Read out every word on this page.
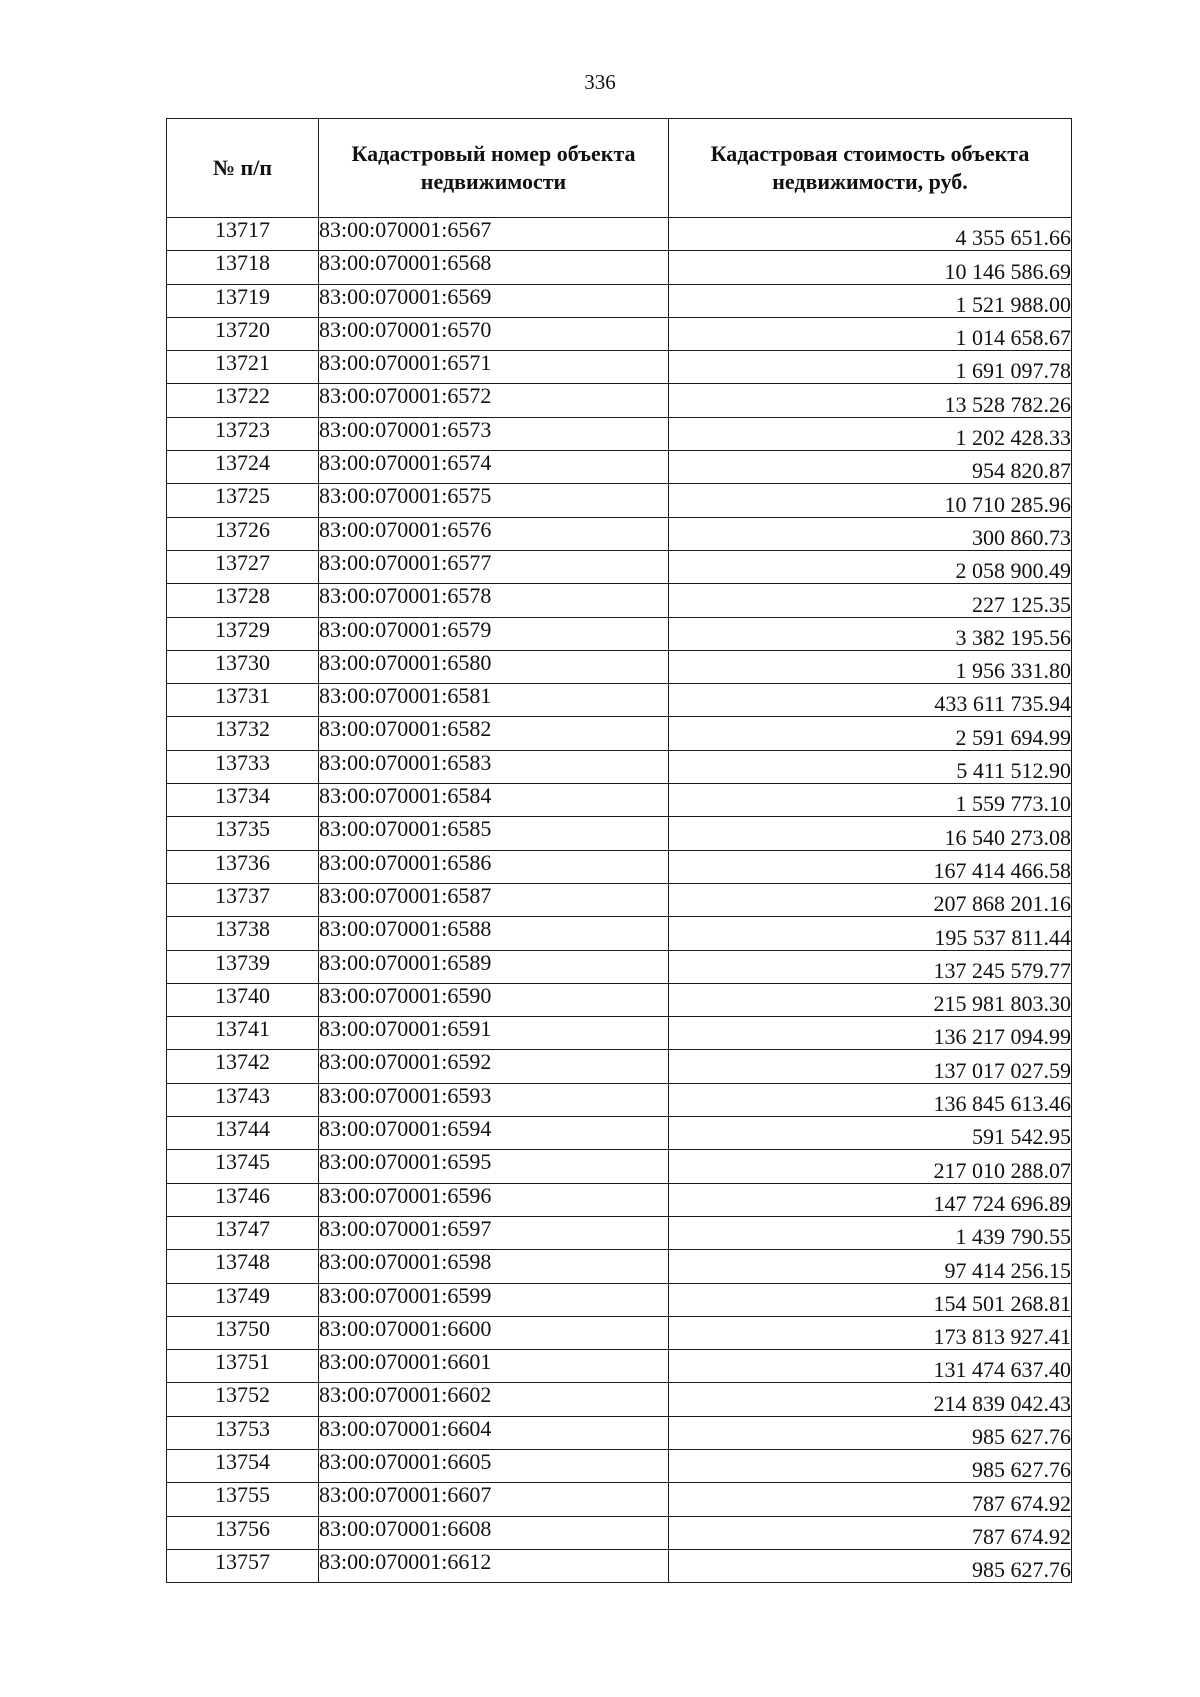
336
№ п/п	Кадастровый номер объекта недвижимости	Кадастровая стоимость объекта недвижимости, руб.
13717	83:00:070001:6567	4 355 651.66
13718	83:00:070001:6568	10 146 586.69
13719	83:00:070001:6569	1 521 988.00
13720	83:00:070001:6570	1 014 658.67
13721	83:00:070001:6571	1 691 097.78
13722	83:00:070001:6572	13 528 782.26
13723	83:00:070001:6573	1 202 428.33
13724	83:00:070001:6574	954 820.87
13725	83:00:070001:6575	10 710 285.96
13726	83:00:070001:6576	300 860.73
13727	83:00:070001:6577	2 058 900.49
13728	83:00:070001:6578	227 125.35
13729	83:00:070001:6579	3 382 195.56
13730	83:00:070001:6580	1 956 331.80
13731	83:00:070001:6581	433 611 735.94
13732	83:00:070001:6582	2 591 694.99
13733	83:00:070001:6583	5 411 512.90
13734	83:00:070001:6584	1 559 773.10
13735	83:00:070001:6585	16 540 273.08
13736	83:00:070001:6586	167 414 466.58
13737	83:00:070001:6587	207 868 201.16
13738	83:00:070001:6588	195 537 811.44
13739	83:00:070001:6589	137 245 579.77
13740	83:00:070001:6590	215 981 803.30
13741	83:00:070001:6591	136 217 094.99
13742	83:00:070001:6592	137 017 027.59
13743	83:00:070001:6593	136 845 613.46
13744	83:00:070001:6594	591 542.95
13745	83:00:070001:6595	217 010 288.07
13746	83:00:070001:6596	147 724 696.89
13747	83:00:070001:6597	1 439 790.55
13748	83:00:070001:6598	97 414 256.15
13749	83:00:070001:6599	154 501 268.81
13750	83:00:070001:6600	173 813 927.41
13751	83:00:070001:6601	131 474 637.40
13752	83:00:070001:6602	214 839 042.43
13753	83:00:070001:6604	985 627.76
13754	83:00:070001:6605	985 627.76
13755	83:00:070001:6607	787 674.92
13756	83:00:070001:6608	787 674.92
13757	83:00:070001:6612	985 627.76
